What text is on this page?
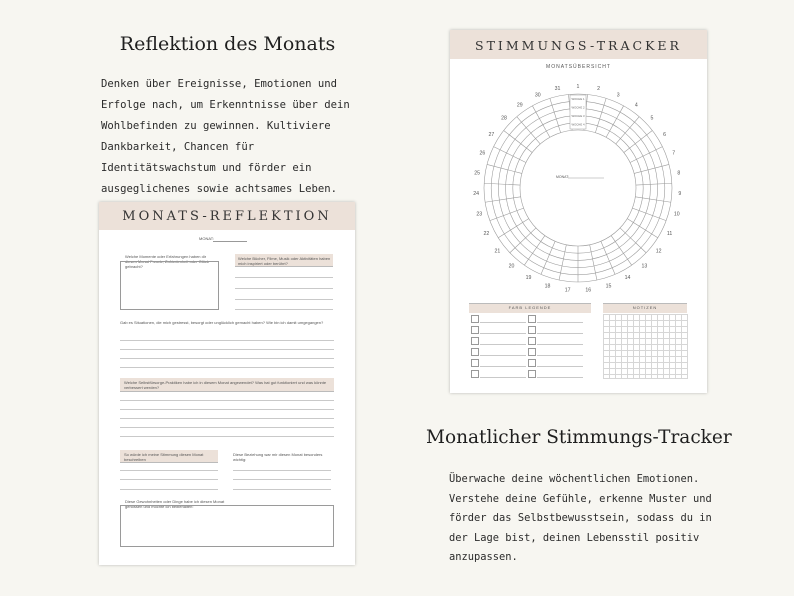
Reflektion des Monats
Denken über Ereignisse, Emotionen und Erfolge nach, um Erkenntnisse über dein Wohlbefinden zu gewinnen. Kultiviere Dankbarkeit, Chancen für Identitätswachstum und förder ein ausgeglichenes sowie achtsames Leben.
Monatlicher Stimmungs-Tracker
Überwache deine wöchentlichen Emotionen. Verstehe deine Gefühle, erkenne Muster und förder das Selbstbewusstsein, sodass du in der Lage bist, deinen Lebensstil positiv anzupassen.
MONATS-REFLEKTION
MONAT:
Welche Momente oder Erfahrungen haben dir diesen Monat Freude, Zufriedenheit oder Glück gebracht?
Welche Bücher, Filme, Musik oder Aktivitäten haben mich inspiriert oder berührt?
Gab es Situationen, die mich gestresst, besorgt oder unglücklich gemacht haben? Wie bin ich damit umgegangen?
Welche Selbstfürsorge-Praktiken habe ich in diesem Monat angewendet? Was hat gut funktioniert und was könnte verbessert werden?
So würde ich meine Stimmung diesen Monat beschreiben
Diese Beziehung war mir diesen Monat besonders wichtig:
Diese Gewohnheiten oder Dinge habe ich diesen Monat genossen und möchte ich beibehalten:
STIMMUNGS-TRACKER
MONATSÜBERSICHT
1	2
3
4
5
6
7
8
9
10
11
12
13
14
15
16
17
18
19
20
21
22
23
24
25
26
27
28
29
30
31
WOCHE 1
WOCHE 2
WOCHE 3
WOCHE 4
MONAT:
FARB LEGENDE	NOTIZEN
